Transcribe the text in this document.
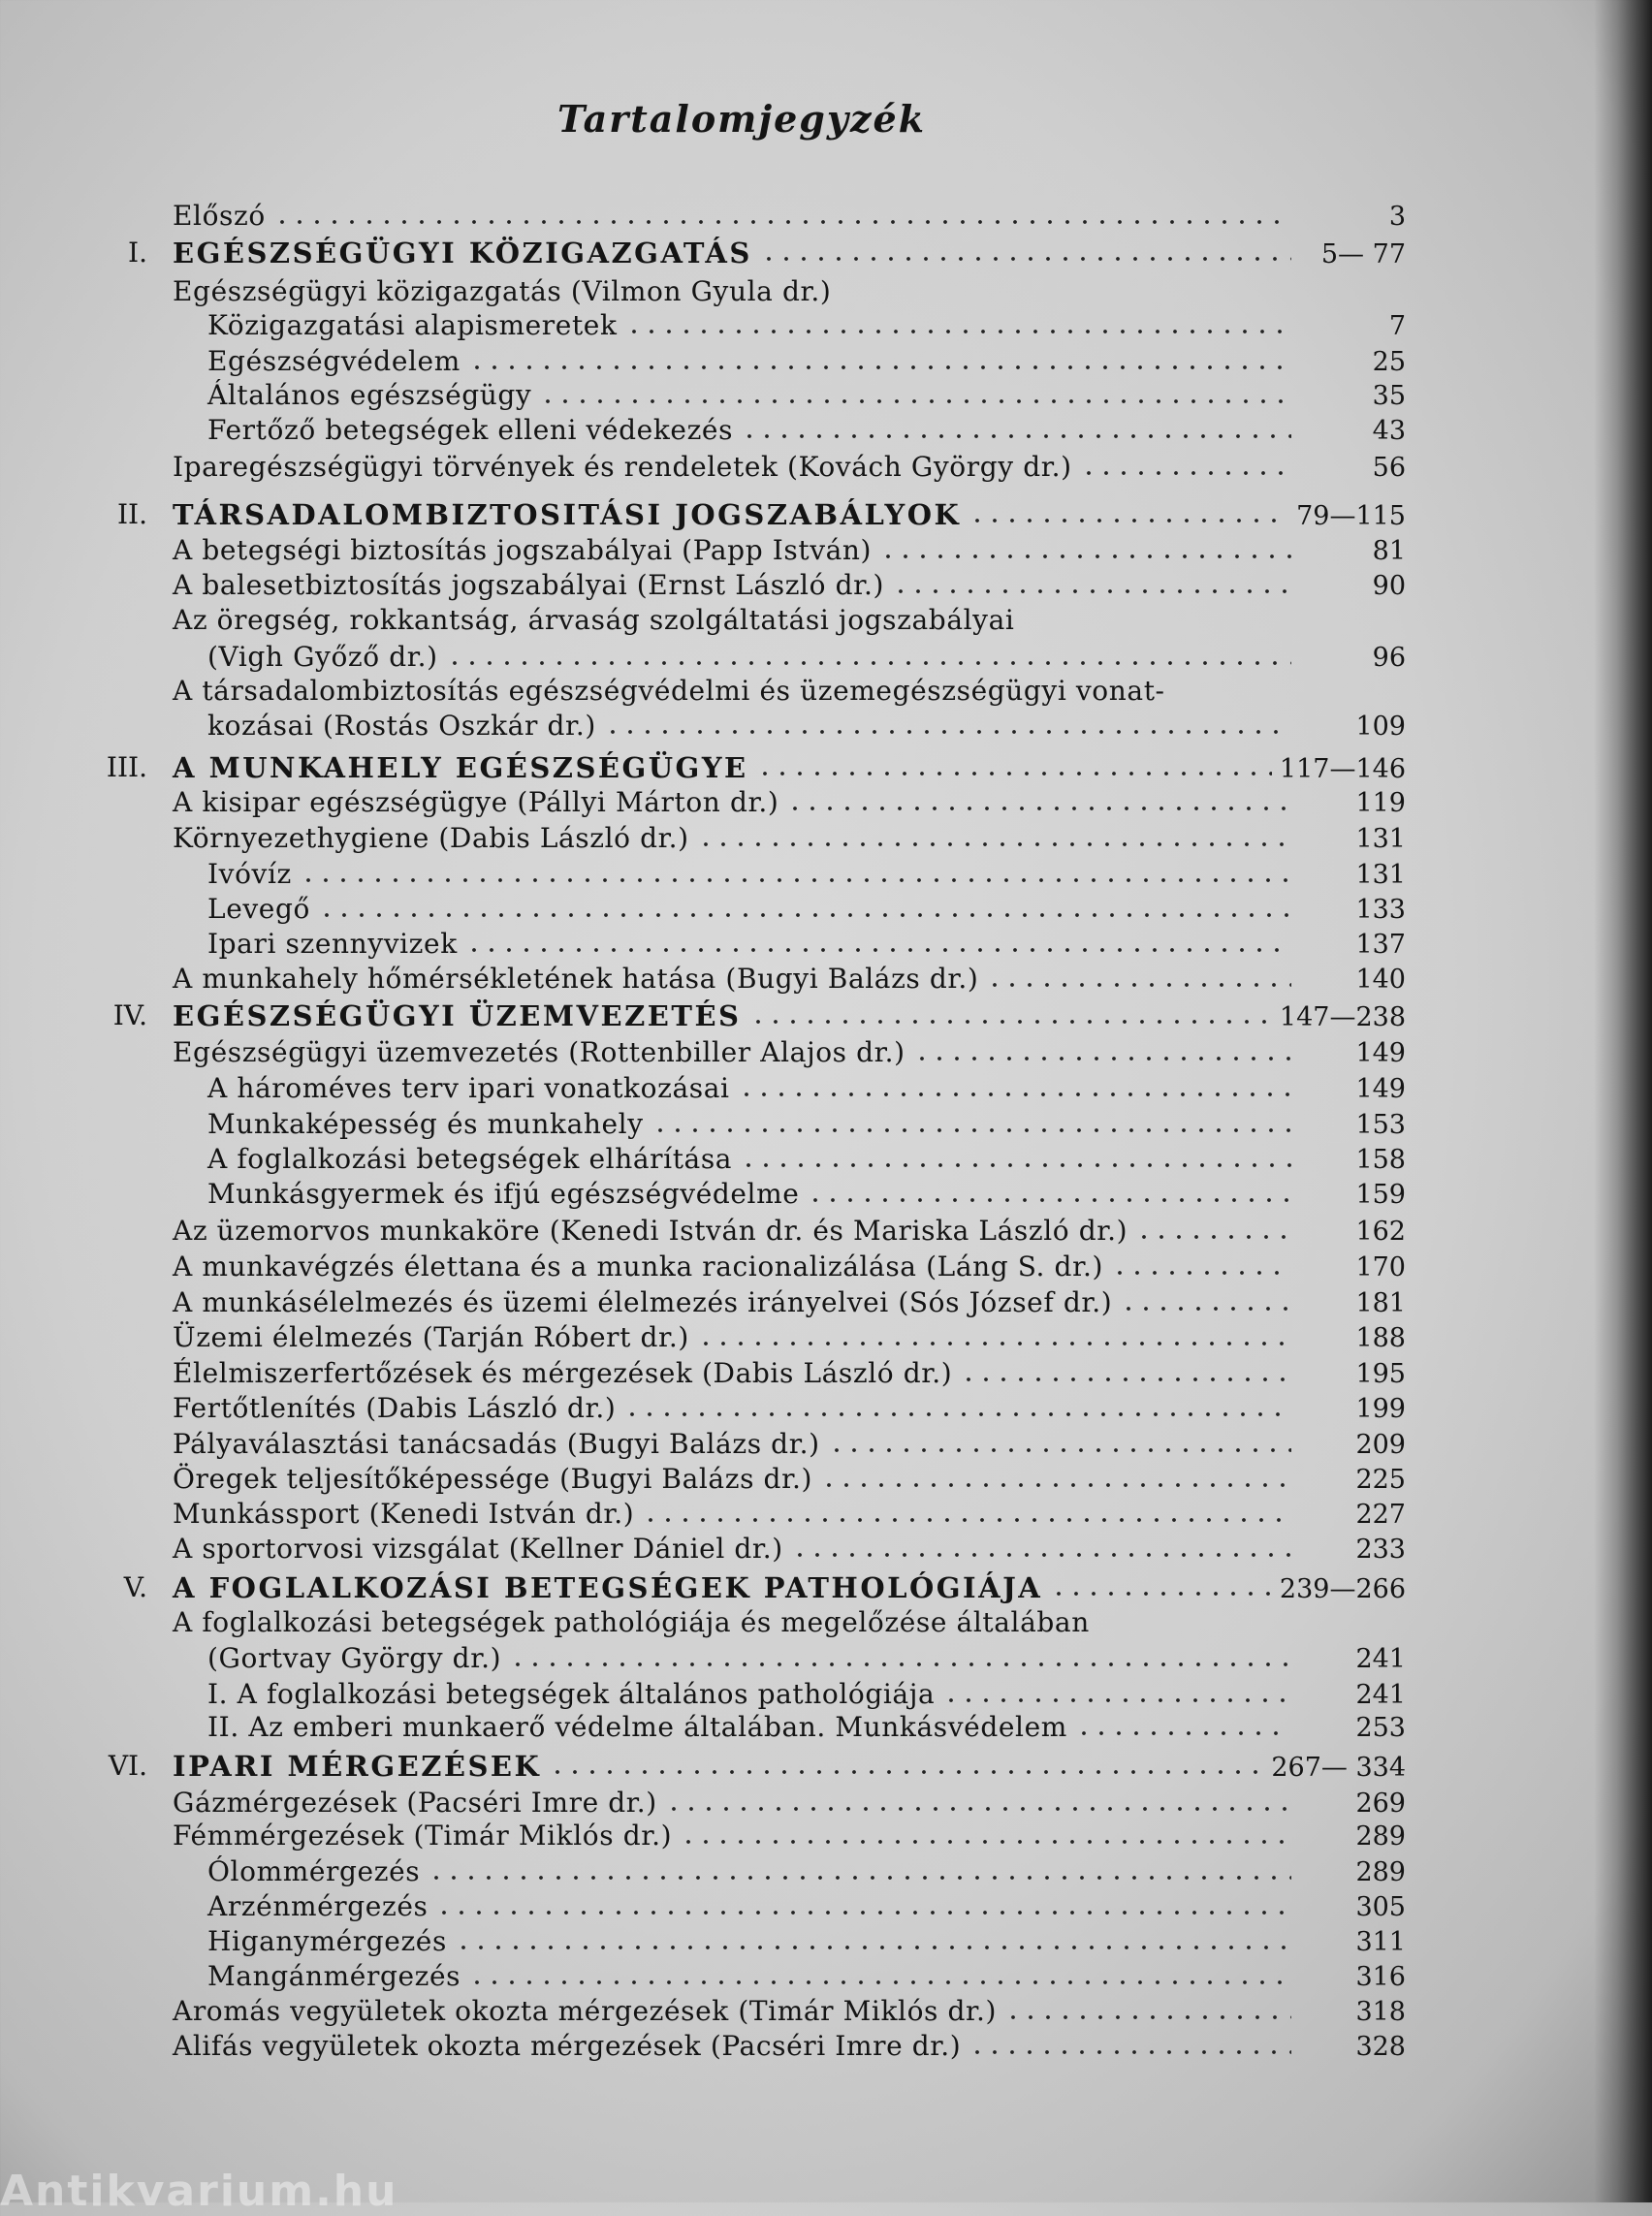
Tartalomjegyzék
Előszó	3
I. EGÉSZSÉGÜGYI KÖZIGAZGATÁS	5— 77
Egészségügyi közigazgatás (Vilmon Gyula dr.)
Közigazgatási alapismeretek	7
Egészségvédelem	25
Általános egészségügy	35
Fertőző betegségek elleni védekezés	43
Iparegészségügyi törvények és rendeletek (Kovách György dr.)	56
II. TÁRSADALOMBIZTOSITÁSI JOGSZABÁLYOK	79—115
A betegségi biztosítás jogszabályai (Papp István)	81
A balesetbiztosítás jogszabályai (Ernst László dr.)	90
Az öregség, rokkantság, árvaság szolgáltatási jogszabályai
(Vigh Győző dr.)	96
A társadalombiztosítás egészségvédelmi és üzemegészségügyi vonat-
kozásai (Rostás Oszkár dr.)	109
III. A MUNKAHELY EGÉSZSÉGÜGYE	117—146
A kisipar egészségügye (Pállyi Márton dr.)	119
Környezethygiene (Dabis László dr.)	131
Ivóvíz	131
Levegő	133
Ipari szennyvizek	137
A munkahely hőmérsékletének hatása (Bugyi Balázs dr.)	140
IV. EGÉSZSÉGÜGYI ÜZEMVEZETÉS	147—238
Egészségügyi üzemvezetés (Rottenbiller Alajos dr.)	149
A hároméves terv ipari vonatkozásai	149
Munkaképesség és munkahely	153
A foglalkozási betegségek elhárítása	158
Munkásgyermek és ifjú egészségvédelme	159
Az üzemorvos munkaköre (Kenedi István dr. és Mariska László dr.)	162
A munkavégzés élettana és a munka racionalizálása (Láng S. dr.)	170
A munkásélelmezés és üzemi élelmezés irányelvei (Sós József dr.)	181
Üzemi élelmezés (Tarján Róbert dr.)	188
Élelmiszerfertőzések és mérgezések (Dabis László dr.)	195
Fertőtlenítés (Dabis László dr.)	199
Pályaválasztási tanácsadás (Bugyi Balázs dr.)	209
Öregek teljesítőképessége (Bugyi Balázs dr.)	225
Munkássport (Kenedi István dr.)	227
A sportorvosi vizsgálat (Kellner Dániel dr.)	233
V. A FOGLALKOZÁSI BETEGSÉGEK PATHOLÓGIÁJA	239—266
A foglalkozási betegségek pathológiája és megelőzése általában
(Gortvay György dr.)	241
I. A foglalkozási betegségek általános pathológiája	241
II. Az emberi munkaerő védelme általában. Munkásvédelem	253
VI. IPARI MÉRGEZÉSEK	267— 334
Gázmérgezések (Pacséri Imre dr.)	269
Fémmérgezések (Timár Miklós dr.)	289
Ólommérgezés	289
Arzénmérgezés	305
Higanymérgezés	311
Mangánmérgezés	316
Aromás vegyületek okozta mérgezések (Timár Miklós dr.)	318
Alifás vegyületek okozta mérgezések (Pacséri Imre dr.)	328
Antikvarium.hu
